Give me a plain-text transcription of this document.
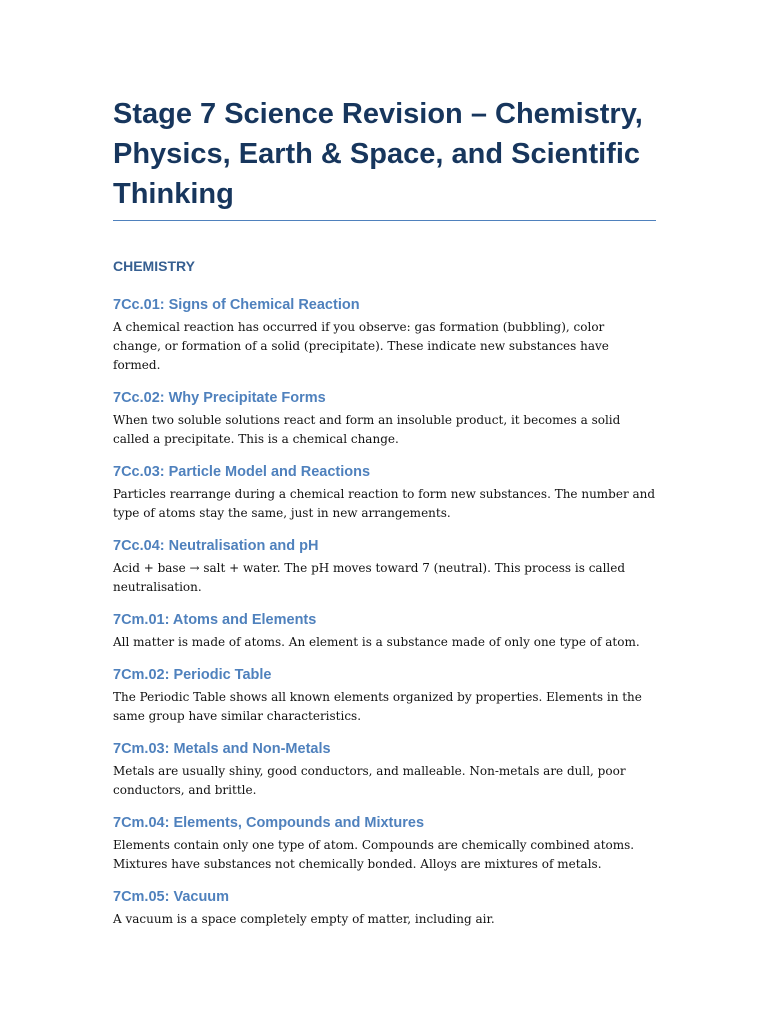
Stage 7 Science Revision – Chemistry, Physics, Earth & Space, and Scientific Thinking
CHEMISTRY
7Cc.01: Signs of Chemical Reaction

A chemical reaction has occurred if you observe: gas formation (bubbling), color change, or formation of a solid (precipitate). These indicate new substances have formed.

7Cc.02: Why Precipitate Forms

When two soluble solutions react and form an insoluble product, it becomes a solid called a precipitate. This is a chemical change.

7Cc.03: Particle Model and Reactions

Particles rearrange during a chemical reaction to form new substances. The number and type of atoms stay the same, just in new arrangements.

7Cc.04: Neutralisation and pH

Acid + base → salt + water. The pH moves toward 7 (neutral). This process is called neutralisation.

7Cm.01: Atoms and Elements

All matter is made of atoms. An element is a substance made of only one type of atom.

7Cm.02: Periodic Table

The Periodic Table shows all known elements organized by properties. Elements in the same group have similar characteristics.

7Cm.03: Metals and Non-Metals

Metals are usually shiny, good conductors, and malleable. Non-metals are dull, poor conductors, and brittle.

7Cm.04: Elements, Compounds and Mixtures

Elements contain only one type of atom. Compounds are chemically combined atoms. Mixtures have substances not chemically bonded. Alloys are mixtures of metals.

7Cm.05: Vacuum

A vacuum is a space completely empty of matter, including air.
